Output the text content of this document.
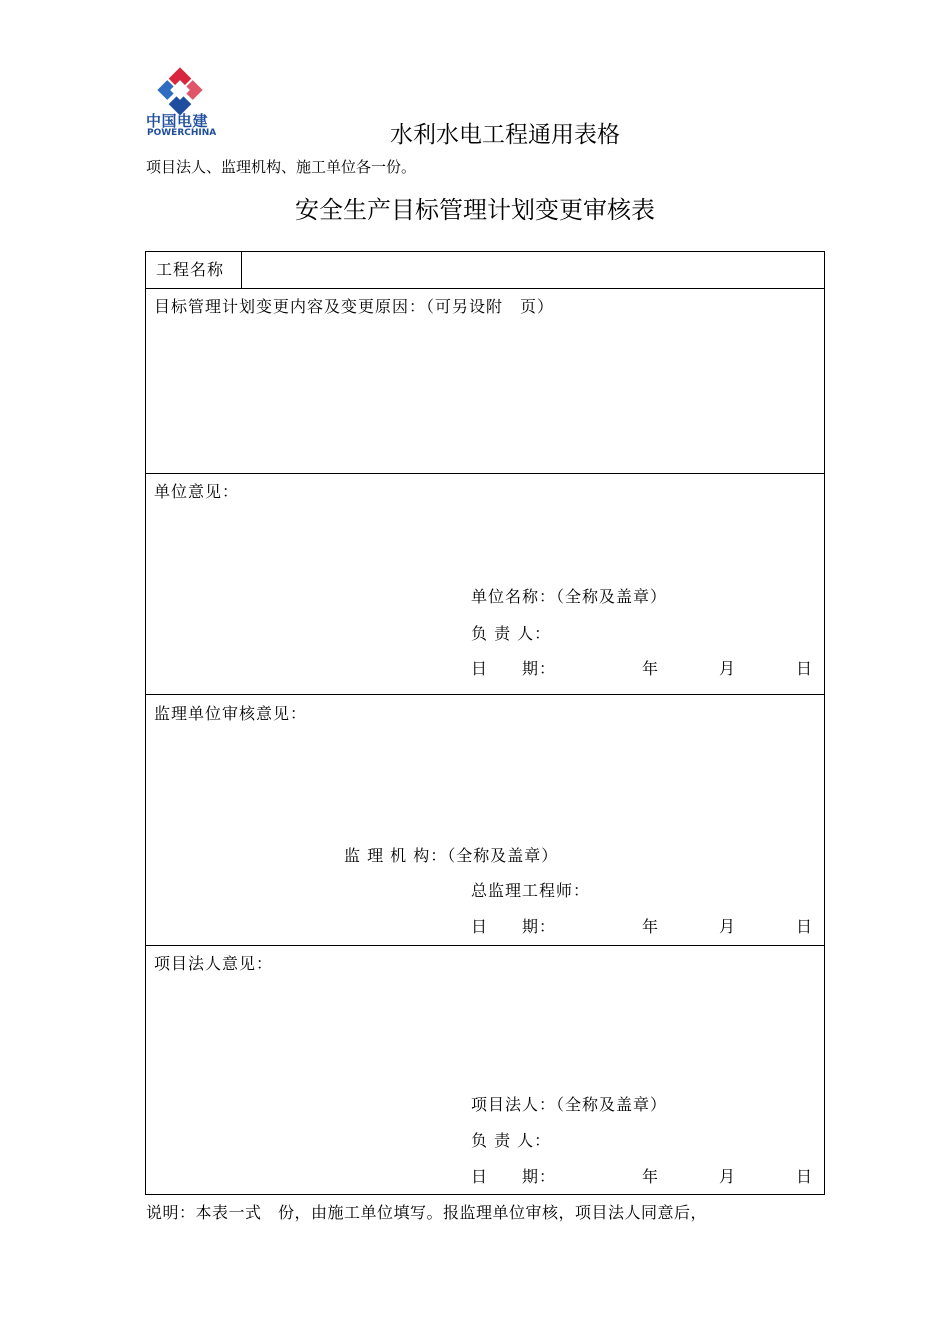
中国电建
POWERCHINA	水利水电工程通用表格
项目法人、监理机构、施工单位各一份。
安全生产目标管理计划变更审核表
工程名称
目标管理计划变更内容及变更原因：（可另设附　页）
单位意见：
单位名称：（全称及盖章）
负 责 人：
日　　期：	年	月	日
监理单位审核意见：
监 理 机 构：（全称及盖章）
总监理工程师：
日　　期：	年	月	日
项目法人意见：
项目法人：（全称及盖章）
负 责 人：
日　　期：	年	月	日
说明：本表一式　份，由施工单位填写。报监理单位审核，项目法人同意后，
